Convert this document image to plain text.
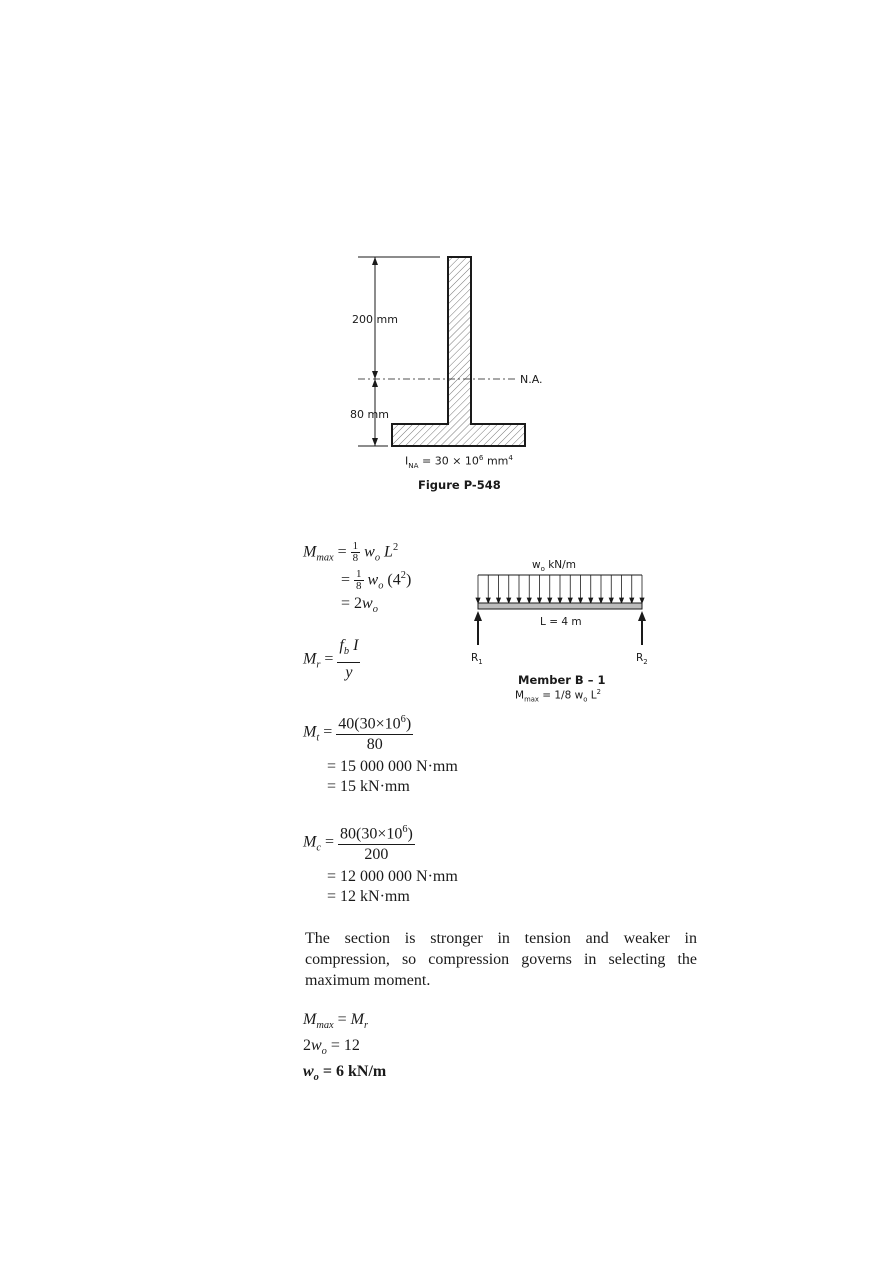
200 mm
80 mm
N.A.
$I_{NA} = 30 \times 10^6$ $mm^4$
Figure P-548
$M_{max} = \frac{1}{8} w_o$ $L^2$
= $\frac{1}{8} w_o$ $(4^2)$
= $2w_o$
$w_o$ kN/m
L = 4 m
$R_1$	$R_2$
Member B – 1
$M_{max} = 1/8$ $w_o$ $L^2$
$M_r = \frac{f_b I}{y}$
$M_t = \frac{40(30\times 10^6)}{80}$
= 15 000 000 N·mm
= 15 kN·mm
$M_c = \frac{80(30\times 10^6)}{200}$
= 12 000 000 N·mm
= 12 kN·mm
The section is stronger in tension and weaker in compression, so compression governs in selecting the maximum moment.
$M_{max} = M_r$
$2w_o = 12$
$w_o = 6$ kN/m
